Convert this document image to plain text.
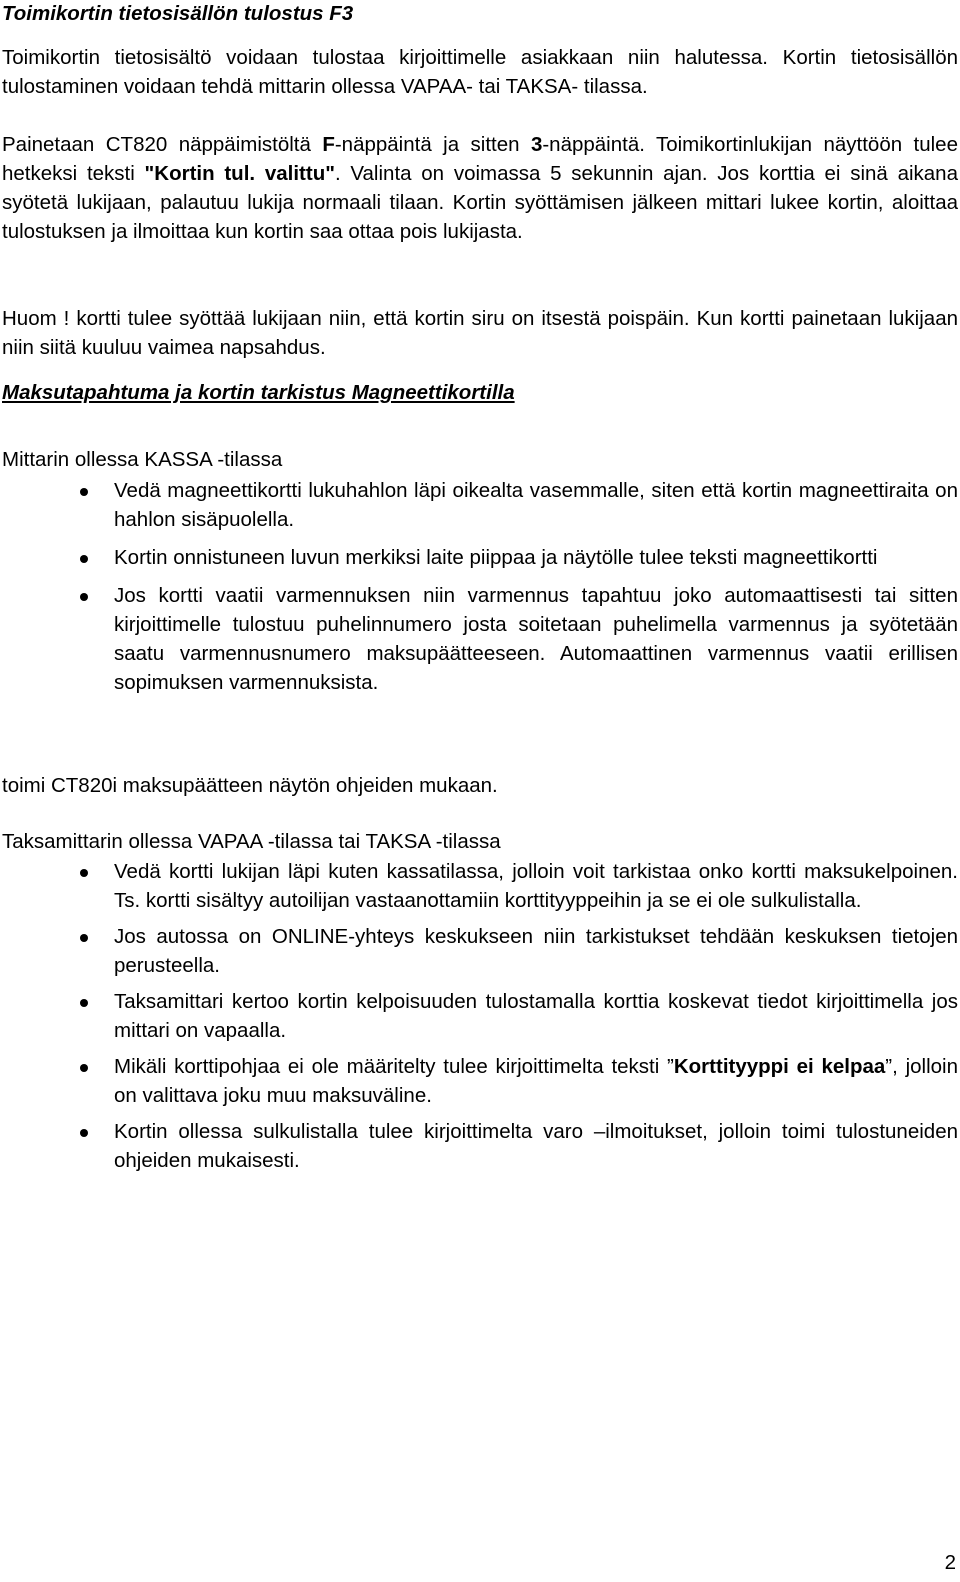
Toimikortin tietosisällön tulostus F3

Toimikortin tietosisältö voidaan tulostaa kirjoittimelle asiakkaan niin halutessa. Kortin tietosisällön tulostaminen voidaan tehdä mittarin ollessa VAPAA- tai TAKSA- tilassa.

Painetaan CT820 näppäimistöltä F-näppäintä ja sitten 3-näppäintä. Toimikortinlukijan näyttöön tulee hetkeksi teksti "Kortin tul. valittu". Valinta on voimassa 5 sekunnin ajan. Jos korttia ei sinä aikana syötetä lukijaan, palautuu lukija normaali tilaan. Kortin syöttämisen jälkeen mittari lukee kortin, aloittaa tulostuksen ja ilmoittaa kun kortin saa ottaa pois lukijasta.

Huom ! kortti tulee syöttää lukijaan niin, että kortin siru on itsestä poispäin. Kun kortti painetaan lukijaan niin siitä kuuluu vaimea napsahdus.

Maksutapahtuma ja kortin tarkistus Magneettikortilla

Mittarin ollessa KASSA -tilassa

Vedä magneettikortti lukuhahlon läpi oikealta vasemmalle, siten että kortin magneettiraita on hahlon sisäpuolella.
Kortin onnistuneen luvun merkiksi laite piippaa ja näytölle tulee teksti magneettikortti
Jos kortti vaatii varmennuksen niin varmennus tapahtuu joko automaattisesti tai sitten kirjoittimelle tulostuu puhelinnumero josta soitetaan puhelimella varmennus ja syötetään saatu varmennusnumero maksupäätteeseen. Automaattinen varmennus vaatii erillisen sopimuksen varmennuksista.

toimi CT820i maksupäätteen näytön ohjeiden mukaan.

Taksamittarin ollessa VAPAA -tilassa tai TAKSA -tilassa

Vedä kortti lukijan läpi kuten kassatilassa, jolloin voit tarkistaa onko kortti maksukelpoinen. Ts. kortti sisältyy autoilijan vastaanottamiin korttityyppeihin ja se ei ole sulkulistalla.
Jos autossa on ONLINE-yhteys keskukseen niin tarkistukset tehdään keskuksen tietojen perusteella.
Taksamittari kertoo kortin kelpoisuuden tulostamalla korttia koskevat tiedot kirjoittimella jos mittari on vapaalla.
Mikäli korttipohjaa ei ole määritelty tulee kirjoittimelta teksti ”Korttityyppi ei kelpaa”, jolloin on valittava joku muu maksuväline.
Kortin ollessa sulkulistalla tulee kirjoittimelta varo –ilmoitukset, jolloin toimi tulostuneiden ohjeiden mukaisesti.
2
